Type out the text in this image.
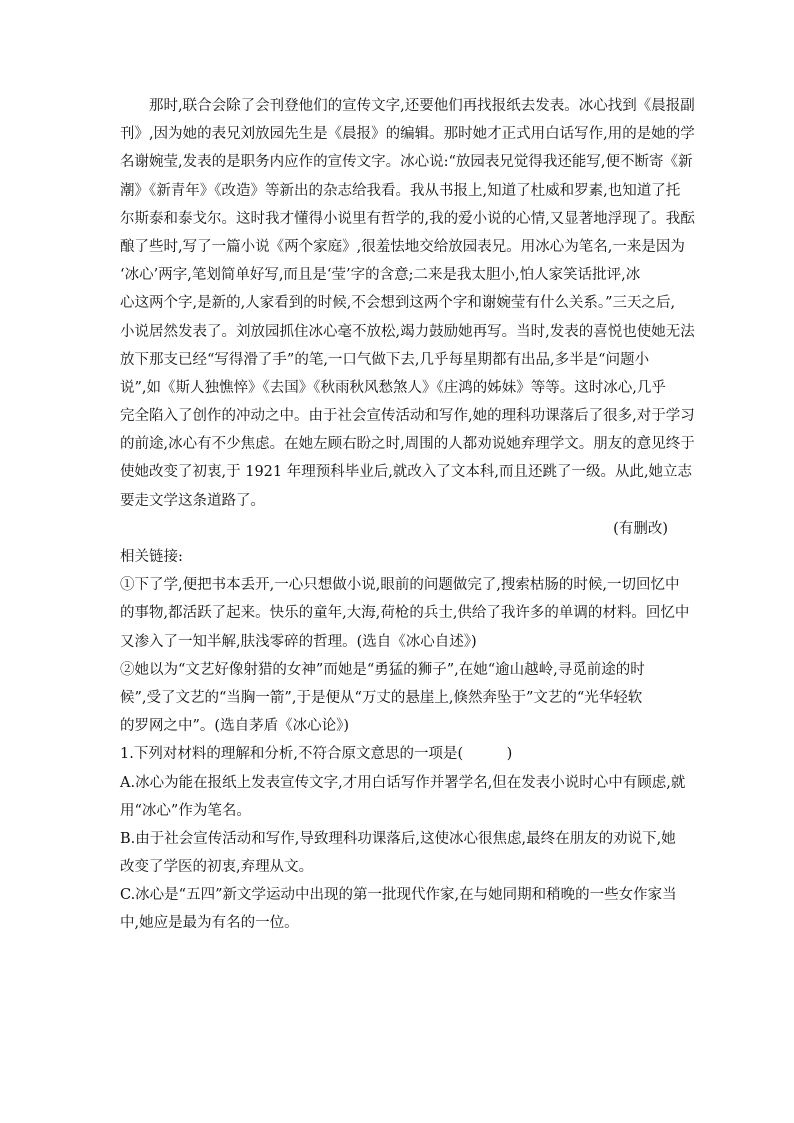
那时,联合会除了会刊登他们的宣传文字,还要他们再找报纸去发表。冰心找到《晨报副
刊》,因为她的表兄刘放园先生是《晨报》的编辑。那时她才正式用白话写作,用的是她的学
名谢婉莹,发表的是职务内应作的宣传文字。冰心说:“放园表兄觉得我还能写,便不断寄《新
潮》《新青年》《改造》等新出的杂志给我看。我从书报上,知道了杜威和罗素,也知道了托
尔斯泰和泰戈尔。这时我才懂得小说里有哲学的,我的爱小说的心情,又显著地浮现了。我酝
酿了些时,写了一篇小说《两个家庭》,很羞怯地交给放园表兄。用冰心为笔名,一来是因为
‘冰心’两字,笔划简单好写,而且是‘莹’字的含意;二来是我太胆小,怕人家笑话批评,冰
心这两个字,是新的,人家看到的时候,不会想到这两个字和谢婉莹有什么关系。”三天之后,
小说居然发表了。刘放园抓住冰心毫不放松,竭力鼓励她再写。当时,发表的喜悦也使她无法
放下那支已经“写得滑了手”的笔,一口气做下去,几乎每星期都有出品,多半是“问题小
说”,如《斯人独憔悴》《去国》《秋雨秋风愁煞人》《庄鸿的姊妹》等等。这时冰心,几乎
完全陷入了创作的冲动之中。由于社会宣传活动和写作,她的理科功课落后了很多,对于学习
的前途,冰心有不少焦虑。在她左顾右盼之时,周围的人都劝说她弃理学文。朋友的意见终于
使她改变了初衷,于 1921 年理预科毕业后,就改入了文本科,而且还跳了一级。从此,她立志
要走文学这条道路了。
(有删改)
相关链接:
①下了学,便把书本丢开,一心只想做小说,眼前的问题做完了,搜索枯肠的时候,一切回忆中
的事物,都活跃了起来。快乐的童年,大海,荷枪的兵士,供给了我许多的单调的材料。回忆中
又渗入了一知半解,肤浅零碎的哲理。(选自《冰心自述》)
②她以为“文艺好像射猎的女神”而她是“勇猛的狮子”,在她“逾山越岭,寻觅前途的时
候”,受了文艺的“当胸一箭”,于是便从“万丈的悬崖上,倏然奔坠于”文艺的“光华轻软
的罗网之中”。(选自茅盾《冰心论》)
1.下列对材料的理解和分析,不符合原文意思的一项是(　　　)
A.冰心为能在报纸上发表宣传文字,才用白话写作并署学名,但在发表小说时心中有顾虑,就
用“冰心”作为笔名。
B.由于社会宣传活动和写作,导致理科功课落后,这使冰心很焦虑,最终在朋友的劝说下,她
改变了学医的初衷,弃理从文。
C.冰心是“五四”新文学运动中出现的第一批现代作家,在与她同期和稍晚的一些女作家当
中,她应是最为有名的一位。
